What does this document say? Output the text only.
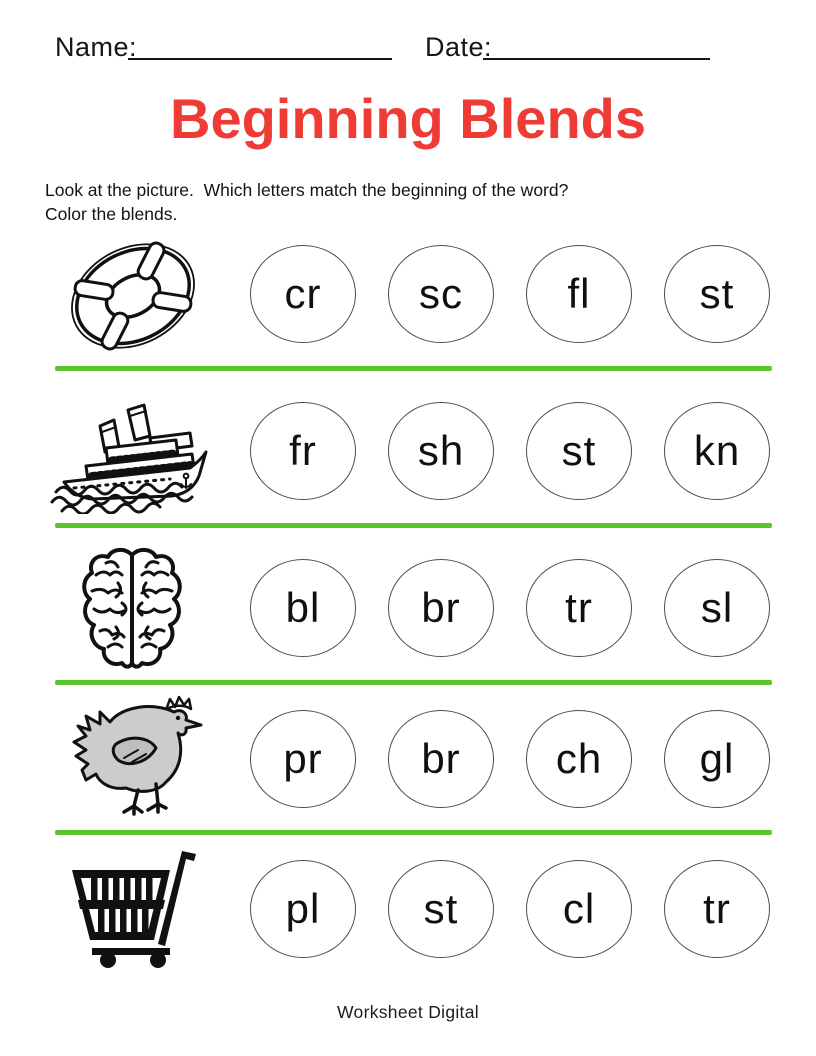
Name:	Date:
Beginning Blends
Look at the picture.  Which letters match the beginning of the word?
Color the blends.
cr	sc	fl	st
fr	sh	st	kn
bl	br	tr	sl
pr	br	ch	gl
pl	st	cl	tr
Worksheet Digital
